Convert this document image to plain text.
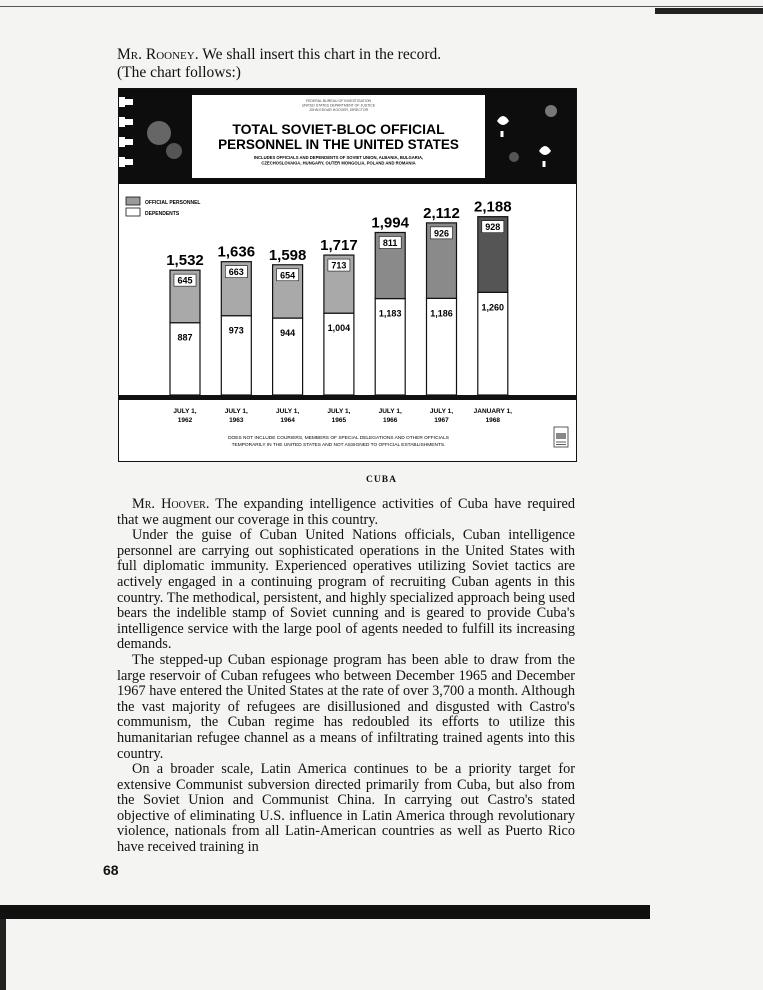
Mr. Rooney. We shall insert this chart in the record.

(The chart follows:)

FEDERAL BUREAU OF INVESTIGATION
UNITED STATES DEPARTMENT OF JUSTICE
JOHN EDGAR HOOVER, DIRECTOR
TOTAL SOVIET-BLOC OFFICIAL
PERSONNEL IN THE UNITED STATES
INCLUDES OFFICIALS AND DEPENDENTS OF SOVIET UNION, ALBANIA, BULGARIA,
CZECHOSLOVAKIA, HUNGARY, OUTER MONGOLIA, POLAND AND ROMANIA
OFFICIAL PERSONNEL
DEPENDENTS
645
887
1,532
663
973
1,636
654
944
1,598
713
1,004
1,717	811
1,183
1,994
926
1,186
2,112
928
1,260
2,188
JULY 1,
1962
JULY 1,
1963
JULY 1,
1964
JULY 1,
1965
JULY 1,
1966
JULY 1,
1967
JANUARY 1,
1968
DOES NOT INCLUDE COURIERS, MEMBERS OF SPECIAL DELEGATIONS AND OTHER OFFICIALS
TEMPORARILY IN THE UNITED STATES AND NOT ASSIGNED TO OFFICIAL ESTABLISHMENTS.
CUBA

Mr. Hoover. The expanding intelligence activities of Cuba have required that we augment our coverage in this country.

Under the guise of Cuban United Nations officials, Cuban intelligence personnel are carrying out sophisticated operations in the United States with full diplomatic immunity. Experienced operatives utilizing Soviet tactics are actively engaged in a continuing program of recruiting Cuban agents in this country. The methodical, persistent, and highly specialized approach being used bears the indelible stamp of Soviet cunning and is geared to provide Cuba's intelligence service with the large pool of agents needed to fulfill its increasing demands.

The stepped-up Cuban espionage program has been able to draw from the large reservoir of Cuban refugees who between December 1965 and December 1967 have entered the United States at the rate of over 3,700 a month. Although the vast majority of refugees are disillusioned and disgusted with Castro's communism, the Cuban regime has redoubled its efforts to utilize this humanitarian refugee channel as a means of infiltrating trained agents into this country.

On a broader scale, Latin America continues to be a priority target for extensive Communist subversion directed primarily from Cuba, but also from the Soviet Union and Communist China. In carrying out Castro's stated objective of eliminating U.S. influence in Latin America through revolutionary violence, nationals from all Latin-American countries as well as Puerto Rico have received training in

68
